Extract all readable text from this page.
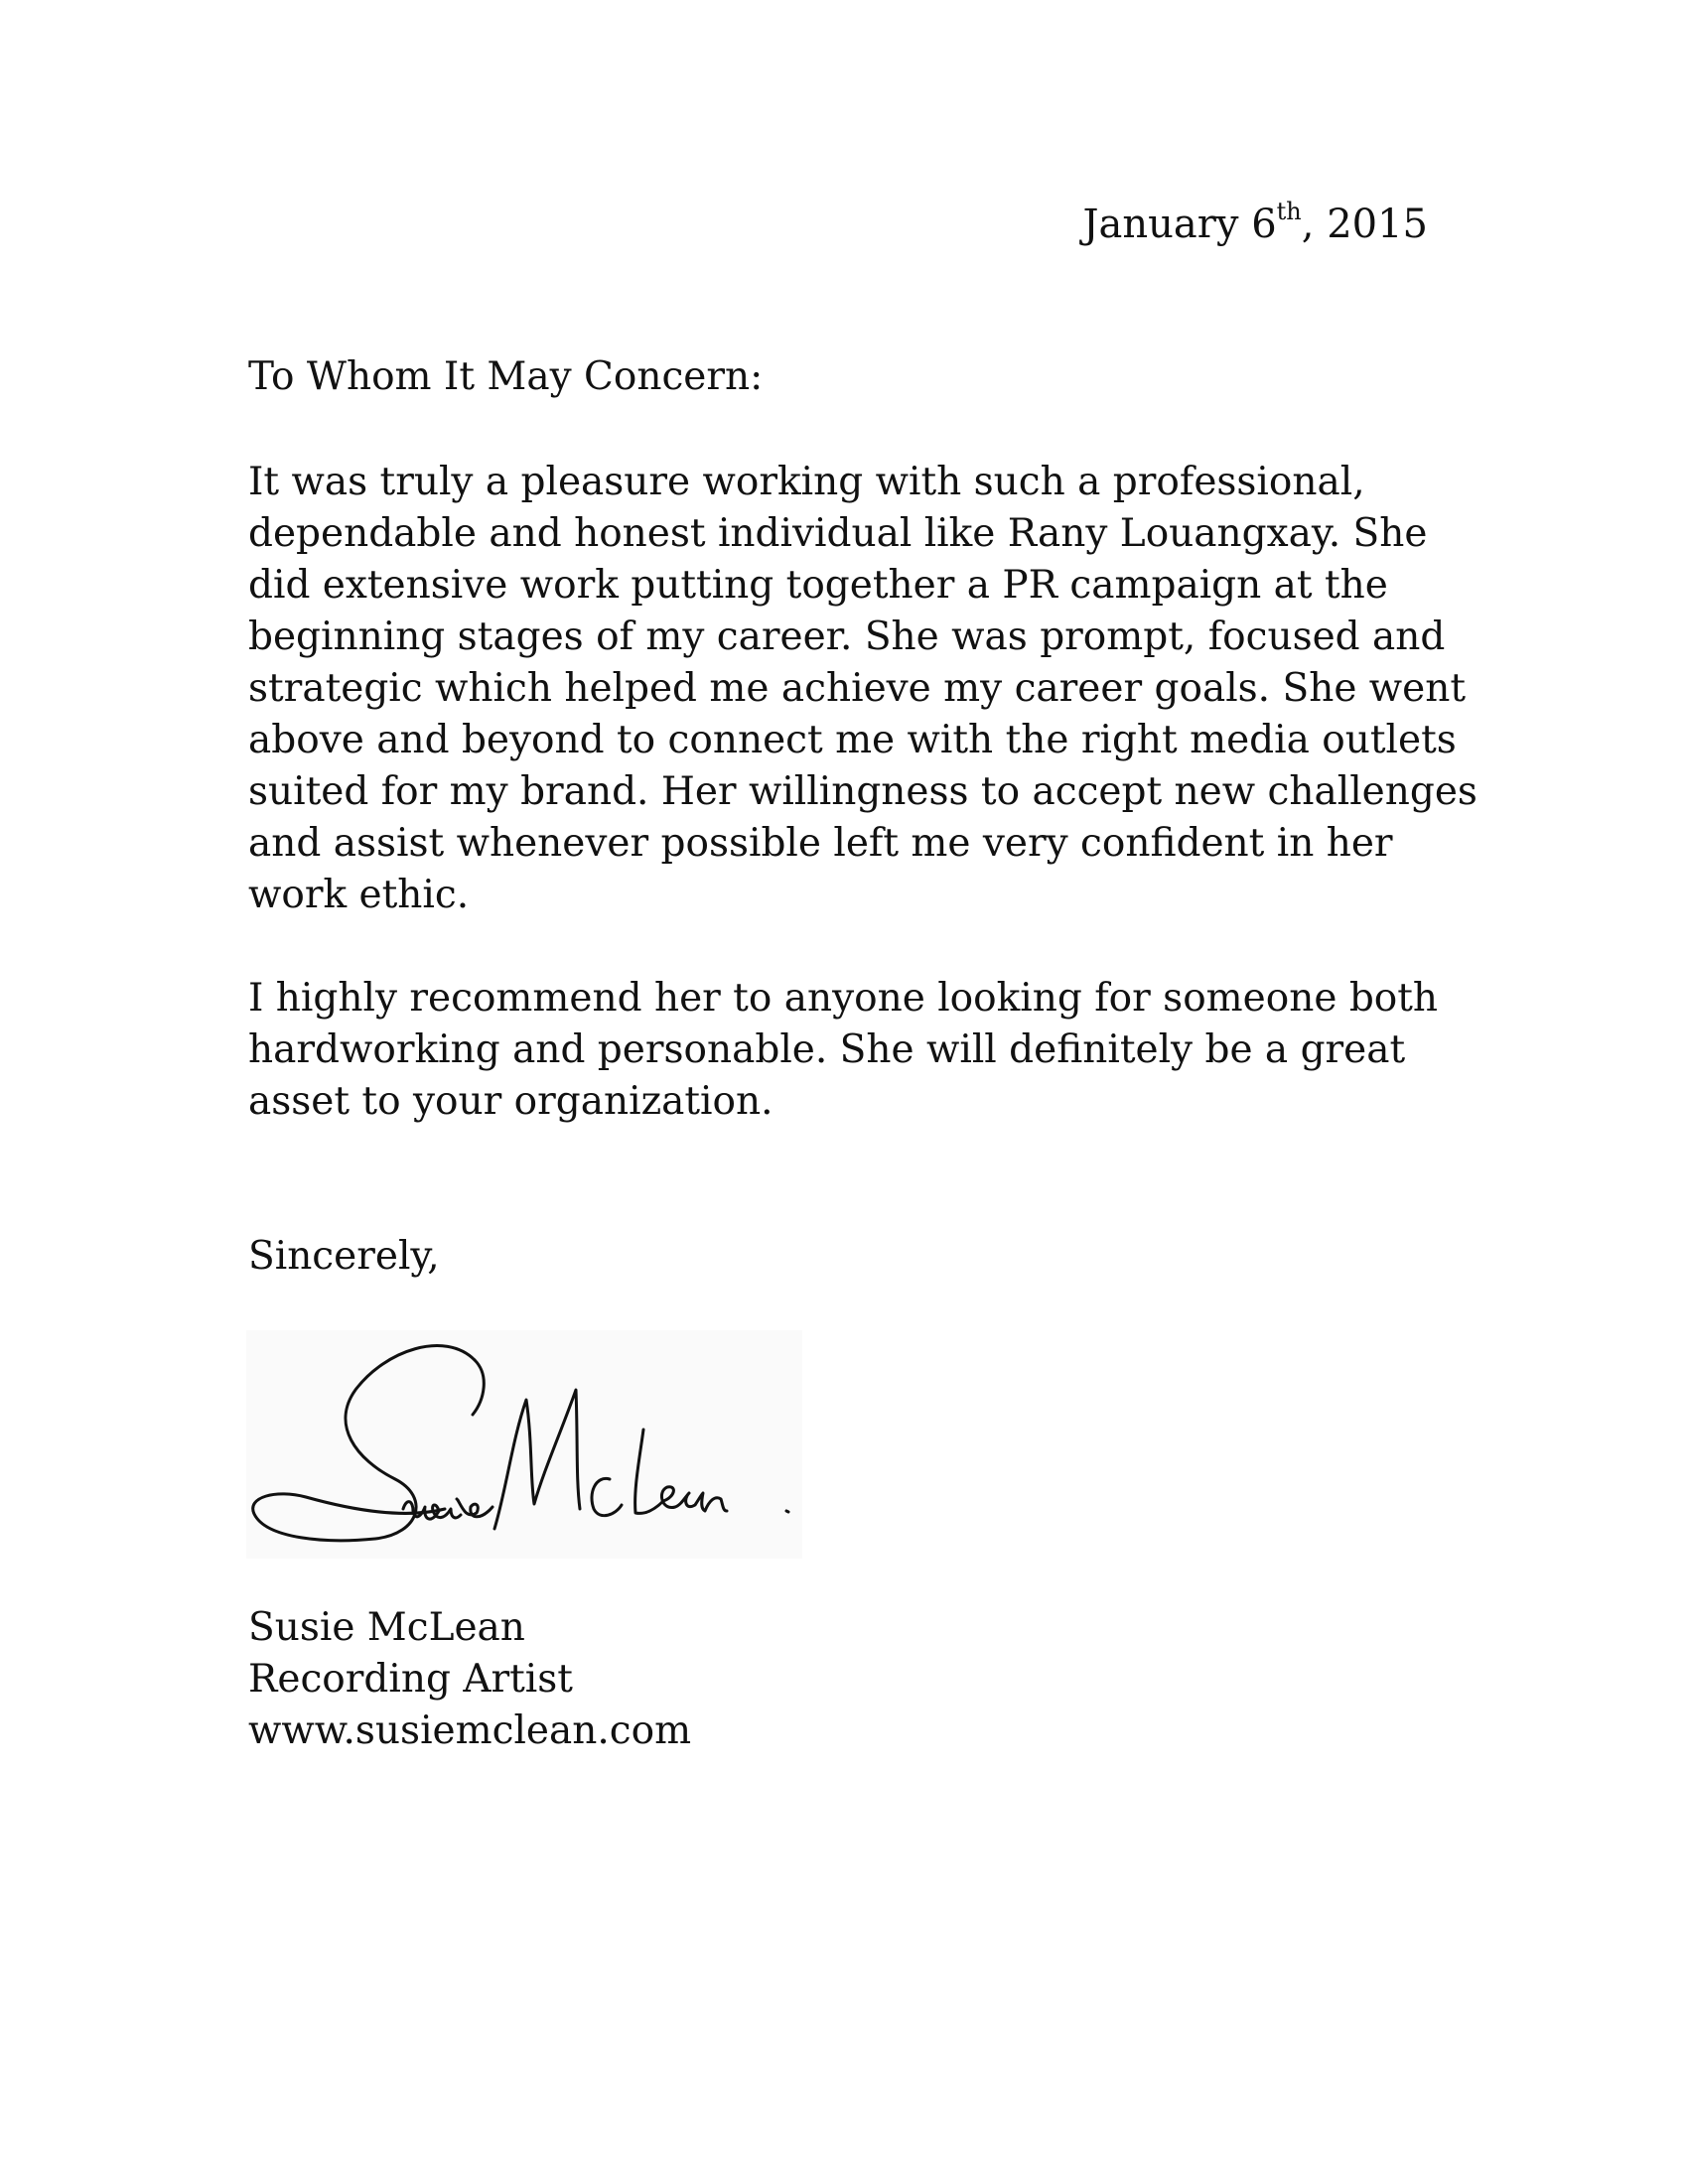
January 6th, 2015
To Whom It May Concern:
It was truly a pleasure working with such a professional,
dependable and honest individual like Rany Louangxay. She
did extensive work putting together a PR campaign at the
beginning stages of my career. She was prompt, focused and
strategic which helped me achieve my career goals. She went
above and beyond to connect me with the right media outlets
suited for my brand. Her willingness to accept new challenges
and assist whenever possible left me very confident in her
work ethic.
I highly recommend her to anyone looking for someone both
hardworking and personable. She will definitely be a great
asset to your organization.
Sincerely,
Susie McLean
Recording Artist
www.susiemclean.com
